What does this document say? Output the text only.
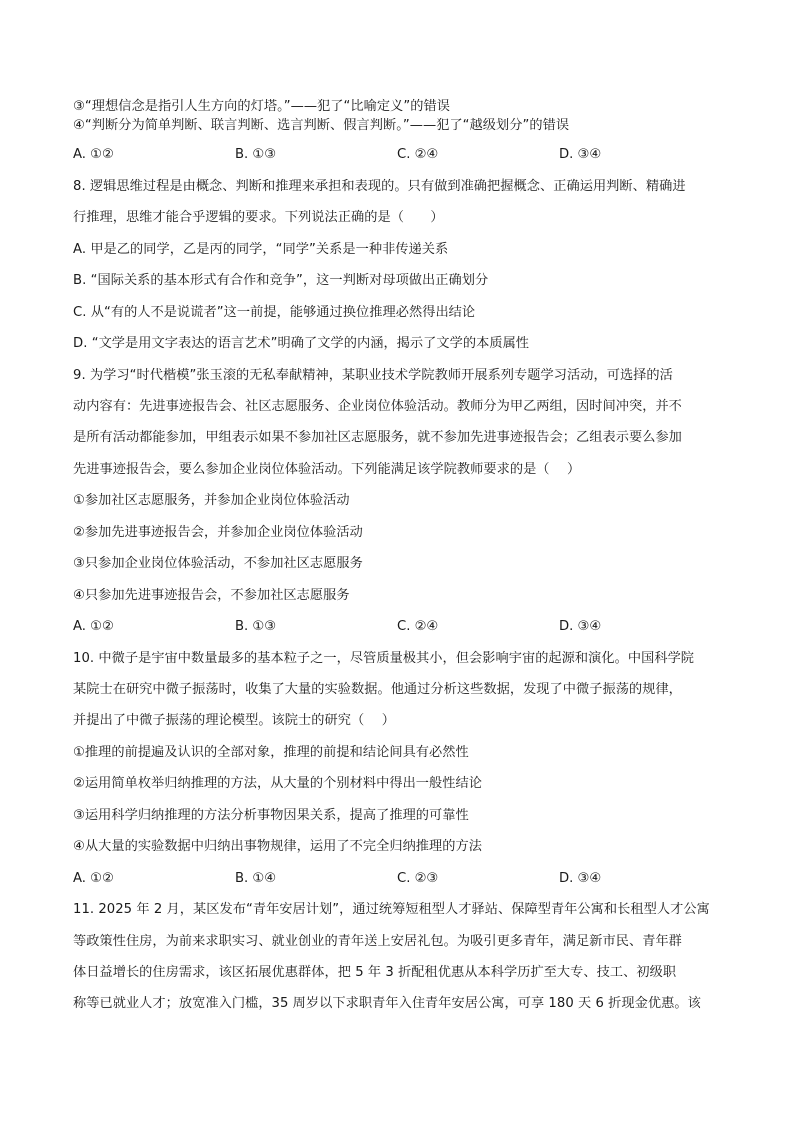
③“理想信念是指引人生方向的灯塔。”——犯了“比喻定义”的错误
④“判断分为简单判断、联言判断、选言判断、假言判断。”——犯了“越级划分”的错误
A. ①②	B. ①③	C. ②④	D. ③④
8. 逻辑思维过程是由概念、判断和推理来承担和表现的。只有做到准确把握概念、正确运用判断、精确进
行推理，思维才能合乎逻辑的要求。下列说法正确的是（　　）
A. 甲是乙的同学，乙是丙的同学，“同学”关系是一种非传递关系
B. “国际关系的基本形式有合作和竞争”，这一判断对母项做出正确划分
C. 从“有的人不是说谎者”这一前提，能够通过换位推理必然得出结论
D. “文学是用文字表达的语言艺术”明确了文学的内涵，揭示了文学的本质属性
9. 为学习“时代楷模”张玉滚的无私奉献精神，某职业技术学院教师开展系列专题学习活动，可选择的活
动内容有：先进事迹报告会、社区志愿服务、企业岗位体验活动。教师分为甲乙两组，因时间冲突，并不
是所有活动都能参加，甲组表示如果不参加社区志愿服务，就不参加先进事迹报告会；乙组表示要么参加
先进事迹报告会，要么参加企业岗位体验活动。下列能满足该学院教师要求的是（　 ）
①参加社区志愿服务，并参加企业岗位体验活动
②参加先进事迹报告会，并参加企业岗位体验活动
③只参加企业岗位体验活动，不参加社区志愿服务
④只参加先进事迹报告会，不参加社区志愿服务
A. ①②	B. ①③	C. ②④	D. ③④
10. 中微子是宇宙中数量最多的基本粒子之一，尽管质量极其小，但会影响宇宙的起源和演化。中国科学院
某院士在研究中微子振荡时，收集了大量的实验数据。他通过分析这些数据，发现了中微子振荡的规律，
并提出了中微子振荡的理论模型。该院士的研究（　 ）
①推理的前提遍及认识的全部对象，推理的前提和结论间具有必然性
②运用简单枚举归纳推理的方法，从大量的个别材料中得出一般性结论
③运用科学归纳推理的方法分析事物因果关系，提高了推理的可靠性
④从大量的实验数据中归纳出事物规律，运用了不完全归纳推理的方法
A. ①②	B. ①④	C. ②③	D. ③④
11. 2025 年 2 月，某区发布“青年安居计划”，通过统筹短租型人才驿站、保障型青年公寓和长租型人才公寓
等政策性住房，为前来求职实习、就业创业的青年送上安居礼包。为吸引更多青年，满足新市民、青年群
体日益增长的住房需求，该区拓展优惠群体，把 5 年 3 折配租优惠从本科学历扩至大专、技工、初级职
称等已就业人才；放宽准入门槛，35 周岁以下求职青年入住青年安居公寓，可享 180 天 6 折现金优惠。该
